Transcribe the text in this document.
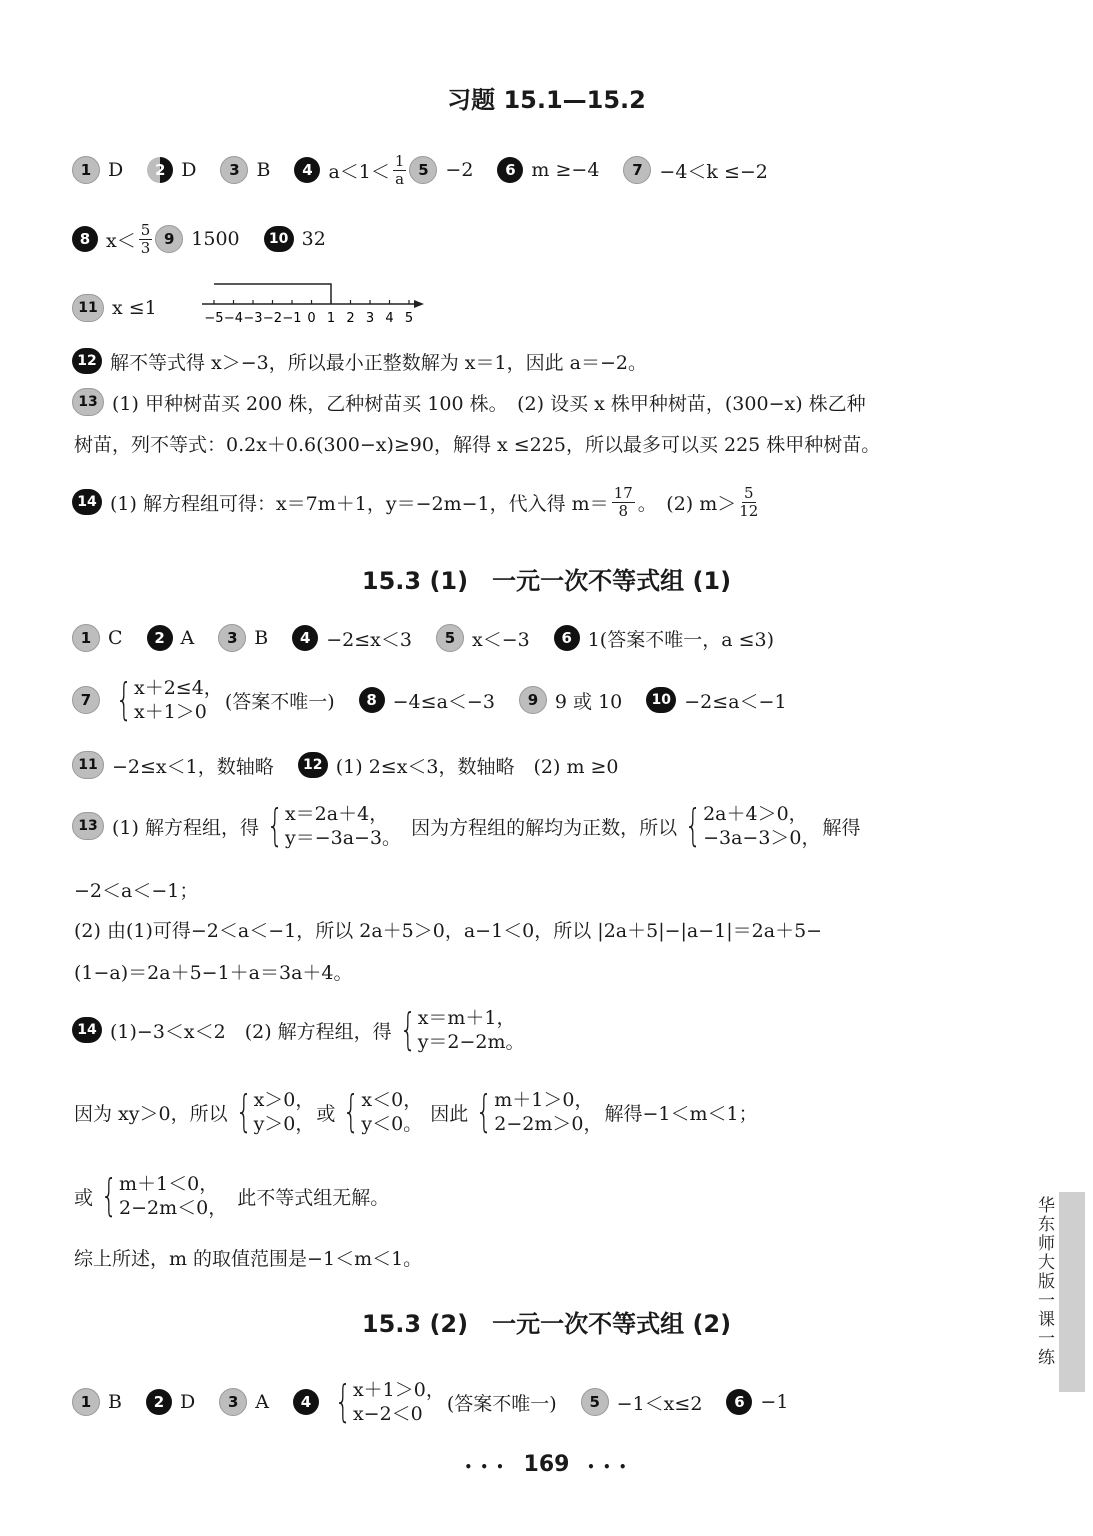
习题 15.1—15.2
1 D	2 D	3 B	4 $a<1< \frac{1}{a} 5 -2$	6 m ≥−4	7 −4＜k ≤−2
8 $x< \frac{5}{3} 9$ 1500	10 32
11 x ≤1	−5 −4 −3 −2 −1 0 1 2 3 4 5
12 解不等式得 x＞−3，所以最小正整数解为 x＝1，因此 a＝−2。
13 (1) 甲种树苗买 200 株，乙种树苗买 100 株。　(2) 设买 x 株甲种树苗，(300−x) 株乙种
树苗，列不等式：0.2x＋0.6(300−x)≥90，解得 x ≤225，所以最多可以买 225 株甲种树苗。
14 (1) 解方程组可得：x＝7m＋1，y＝−2m−1，代入得 $m= \frac{17}{8}$ 。　(2) $m> \frac{5}{12}$
15.3 (1)　一元一次不等式组 (1)
1 C	2 A	3 B	4 −2≤x＜3	5 x＜−3	6 1(答案不唯一，a ≤3)
7 { x＋2≤4，
x＋1＞0 (答案不唯一)	8 −4≤a＜−3	9 9 或 10	10 −2≤a＜−1
11 −2≤x＜1，数轴略	12 (1) 2≤x＜3，数轴略　(2) m ≥0
13 (1) 解方程组，得 { x＝2a＋4，
y＝−3a−3。 因为方程组的解均为正数，所以 { 2a＋4＞0，
−3a−3＞0， 解得
−2＜a＜−1；
(2) 由(1)可得−2＜a＜−1，所以 2a＋5＞0，a−1＜0，所以 |2a＋5|−|a−1|＝2a＋5−
(1−a)＝2a＋5−1＋a＝3a＋4。
14 (1)−3＜x＜2　(2) 解方程组，得 { x＝m＋1，
y＝2−2m。
因为 xy＞0，所以 { x＞0，
y＞0， 或 { x＜0，
y＜0。 因此 { m＋1＞0，
2−2m＞0， 解得−1＜m＜1；
或 { m＋1＜0，
2−2m＜0， 此不等式组无解。
综上所述，m 的取值范围是−1＜m＜1。
15.3 (2)　一元一次不等式组 (2)
1 B	2 D	3 A	4 { x＋1＞0，
x−2＜0	(答案不唯一)	5 −1＜x≤2	6 −1
华东师大版一课一练
• • • 169 • • •
